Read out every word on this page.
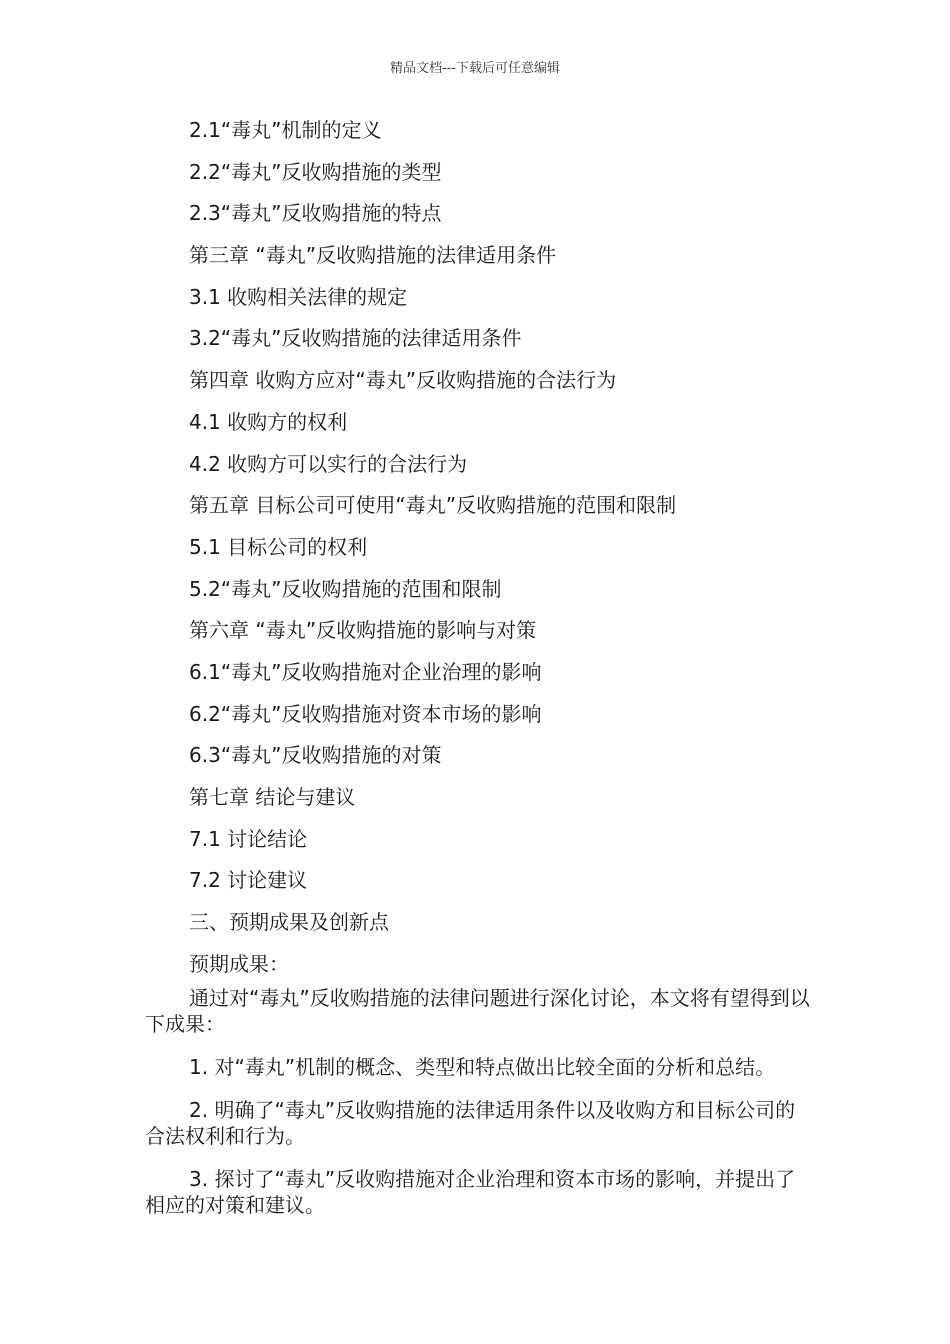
精品文档---下载后可任意编辑
2.1“毒丸”机制的定义
2.2“毒丸”反收购措施的类型
2.3“毒丸”反收购措施的特点
第三章 “毒丸”反收购措施的法律适用条件
3.1 收购相关法律的规定
3.2“毒丸”反收购措施的法律适用条件
第四章 收购方应对“毒丸”反收购措施的合法行为
4.1 收购方的权利
4.2 收购方可以实行的合法行为
第五章 目标公司可使用“毒丸”反收购措施的范围和限制
5.1 目标公司的权利
5.2“毒丸”反收购措施的范围和限制
第六章 “毒丸”反收购措施的影响与对策
6.1“毒丸”反收购措施对企业治理的影响
6.2“毒丸”反收购措施对资本市场的影响
6.3“毒丸”反收购措施的对策
第七章 结论与建议
7.1 讨论结论
7.2 讨论建议
三、预期成果及创新点
预期成果：

通过对“毒丸”反收购措施的法律问题进行深化讨论，本文将有望得到以下成果：

1. 对“毒丸”机制的概念、类型和特点做出比较全面的分析和总结。

2. 明确了“毒丸”反收购措施的法律适用条件以及收购方和目标公司的合法权利和行为。

3. 探讨了“毒丸”反收购措施对企业治理和资本市场的影响，并提出了相应的对策和建议。
